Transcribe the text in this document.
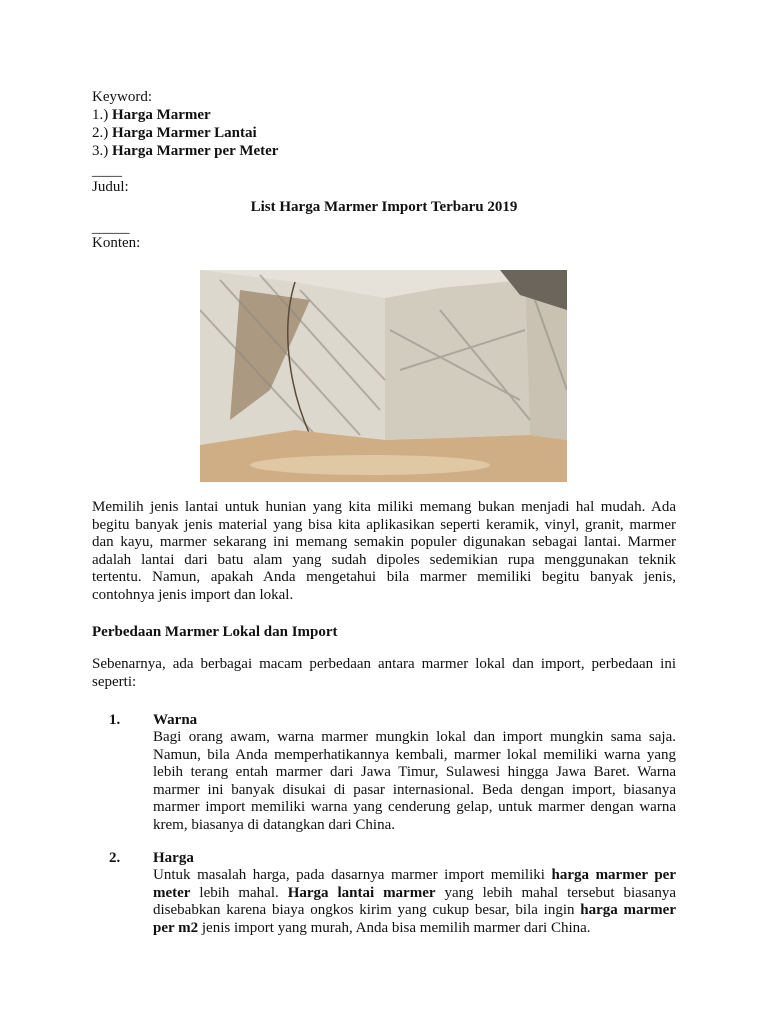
Keyword:
1.) Harga Marmer
2.) Harga Marmer Lantai
3.) Harga Marmer per Meter
____
Judul:
List Harga Marmer Import Terbaru 2019
_____
Konten:
Memilih jenis lantai untuk hunian yang kita miliki memang bukan menjadi hal mudah. Ada
begitu banyak jenis material yang bisa kita aplikasikan seperti keramik, vinyl, granit, marmer
dan kayu, marmer sekarang ini memang semakin populer digunakan sebagai lantai. Marmer
adalah lantai dari batu alam yang sudah dipoles sedemikian rupa menggunakan teknik
tertentu. Namun, apakah Anda mengetahui bila marmer memiliki begitu banyak jenis,
contohnya jenis import dan lokal.
Perbedaan Marmer Lokal dan Import
Sebenarnya, ada berbagai macam perbedaan antara marmer lokal dan import, perbedaan ini
seperti:
1. Warna
Bagi orang awam, warna marmer mungkin lokal dan import mungkin sama saja.
Namun, bila Anda memperhatikannya kembali, marmer lokal memiliki warna yang
lebih terang entah marmer dari Jawa Timur, Sulawesi hingga Jawa Baret. Warna
marmer ini banyak disukai di pasar internasional. Beda dengan import, biasanya
marmer import memiliki warna yang cenderung gelap, untuk marmer dengan warna
krem, biasanya di datangkan dari China.
2. Harga
Untuk masalah harga, pada dasarnya marmer import memiliki harga marmer per
meter lebih mahal. Harga lantai marmer yang lebih mahal tersebut biasanya
disebabkan karena biaya ongkos kirim yang cukup besar, bila ingin harga marmer
per m2 jenis import yang murah, Anda bisa memilih marmer dari China.
